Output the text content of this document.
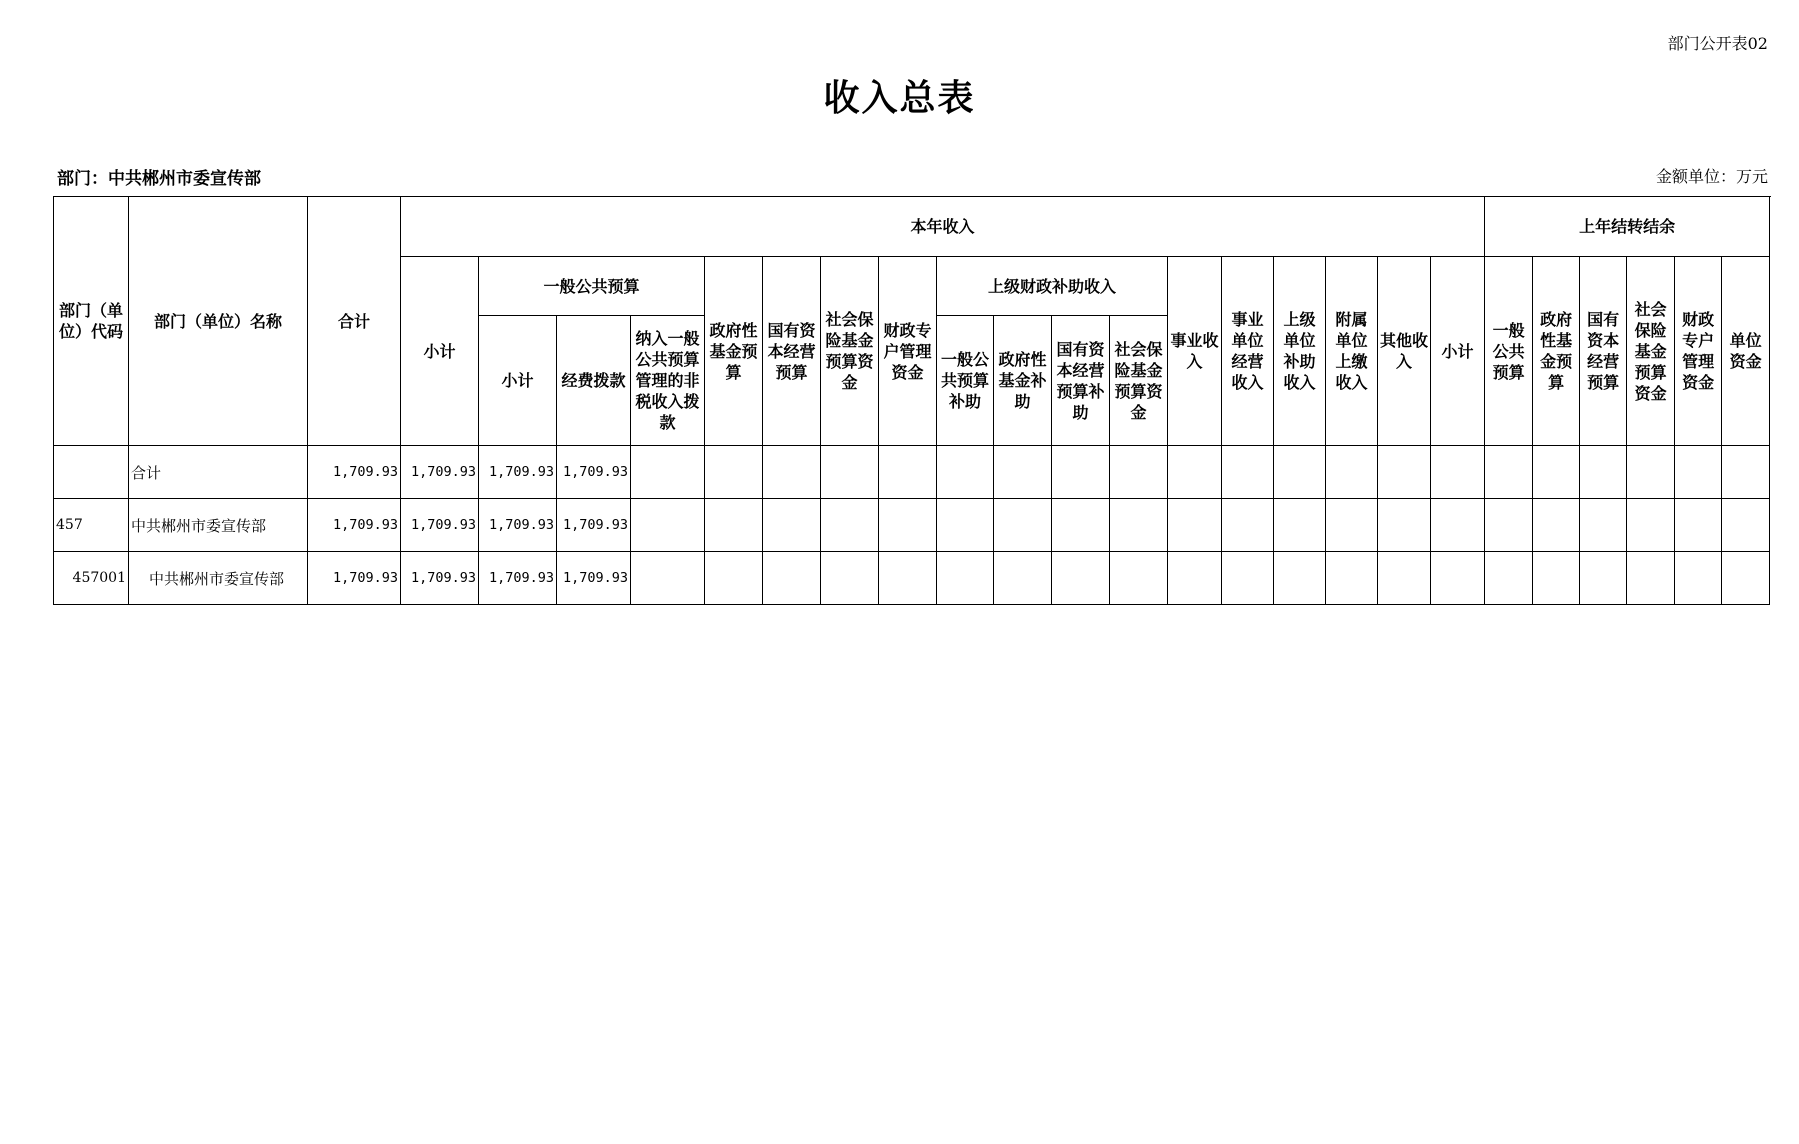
部门公开表02
收入总表
部门：中共郴州市委宣传部	金额单位：万元
部门（单位）代码	部门（单位）名称	合计	本年收入																		上年结转结余					
			小计	一般公共预算			政府性基金预算	国有资本经营预算	社会保险基金预算资金	财政专户管理资金	上级财政补助收入				事业收入	事业单位经营收入	上级单位补助收入	附属单位上缴收入	其他收入	小计	一般公共预算	政府性基金预算	国有资本经营预算	社会保险基金预算资金	财政专户管理资金	单位资金
				小计	经费拨款	纳入一般公共预算管理的非税收入拨款					一般公共预算补助	政府性基金补助	国有资本经营预算补助	社会保险基金预算资金												
	合计	1,709.93	1,709.93	1,709.93	1,709.93																					
457	中共郴州市委宣传部	1,709.93	1,709.93	1,709.93	1,709.93																					
457001	中共郴州市委宣传部	1,709.93	1,709.93	1,709.93	1,709.93																					
